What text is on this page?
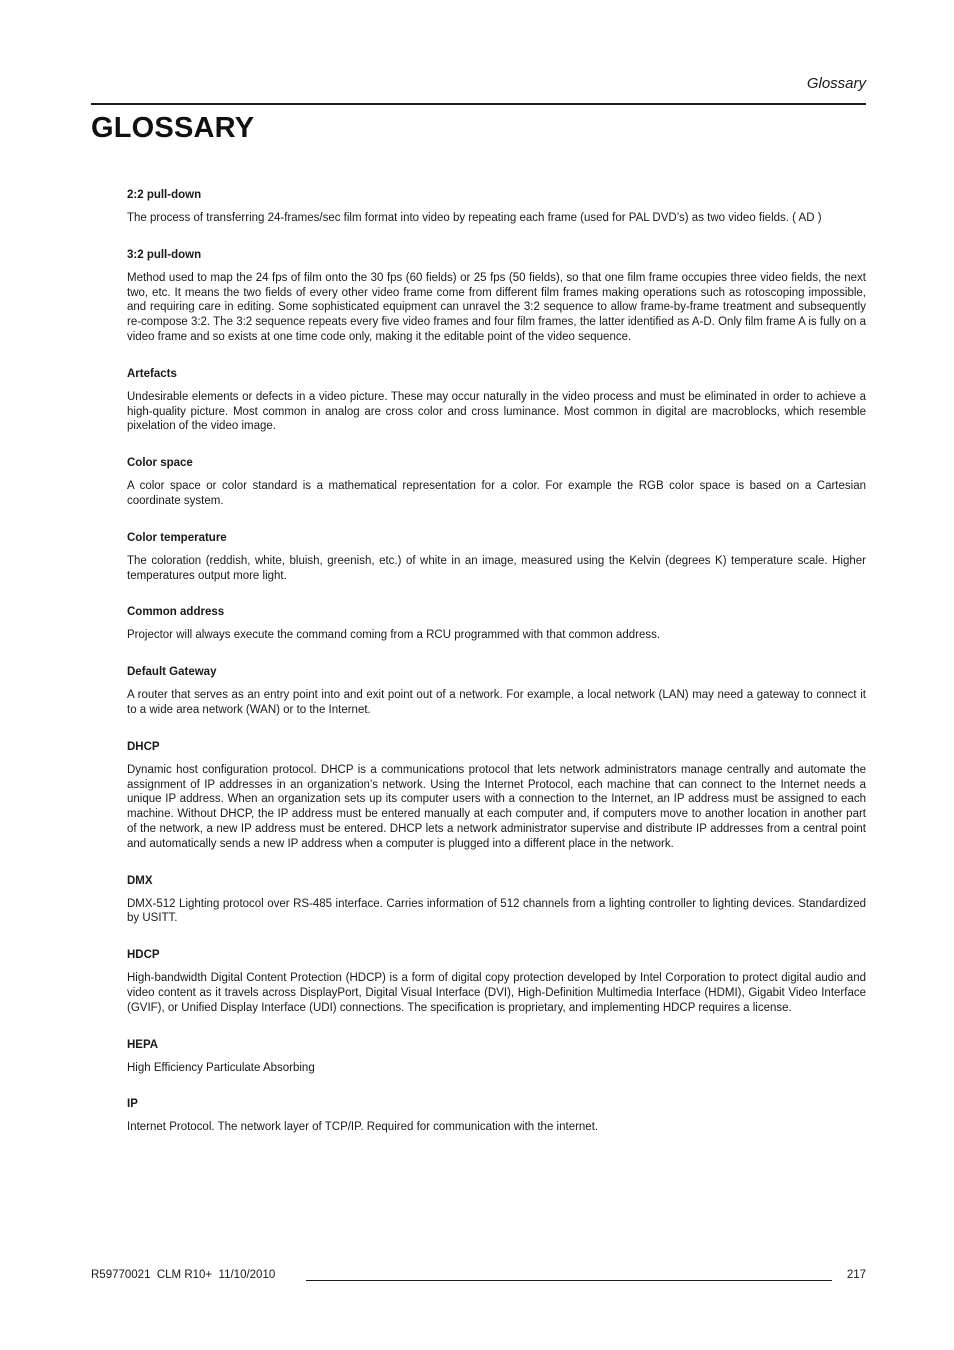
Glossary
GLOSSARY
2:2 pull-down

The process of transferring 24-frames/sec film format into video by repeating each frame (used for PAL DVD’s) as two video fields. ( AD )

3:2 pull-down

Method used to map the 24 fps of film onto the 30 fps (60 fields) or 25 fps (50 fields), so that one film frame occupies three video fields, the next two, etc. It means the two fields of every other video frame come from different film frames making operations such as rotoscoping impossible, and requiring care in editing. Some sophisticated equipment can unravel the 3:2 sequence to allow frame-by-frame treatment and subsequently re-compose 3:2. The 3:2 sequence repeats every five video frames and four film frames, the latter identified as A-D. Only film frame A is fully on a video frame and so exists at one time code only, making it the editable point of the video sequence.

Artefacts

Undesirable elements or defects in a video picture. These may occur naturally in the video process and must be eliminated in order to achieve a high-quality picture. Most common in analog are cross color and cross luminance. Most common in digital are macroblocks, which resemble pixelation of the video image.

Color space

A color space or color standard is a mathematical representation for a color. For example the RGB color space is based on a Cartesian coordinate system.

Color temperature

The coloration (reddish, white, bluish, greenish, etc.) of white in an image, measured using the Kelvin (degrees K) temperature scale. Higher temperatures output more light.

Common address

Projector will always execute the command coming from a RCU programmed with that common address.

Default Gateway

A router that serves as an entry point into and exit point out of a network. For example, a local network (LAN) may need a gateway to connect it to a wide area network (WAN) or to the Internet.

DHCP

Dynamic host configuration protocol. DHCP is a communications protocol that lets network administrators manage centrally and automate the assignment of IP addresses in an organization’s network. Using the Internet Protocol, each machine that can connect to the Internet needs a unique IP address. When an organization sets up its computer users with a connection to the Internet, an IP address must be assigned to each machine. Without DHCP, the IP address must be entered manually at each computer and, if computers move to another location in another part of the network, a new IP address must be entered. DHCP lets a network administrator supervise and distribute IP addresses from a central point and automatically sends a new IP address when a computer is plugged into a different place in the network.

DMX

DMX-512 Lighting protocol over RS-485 interface. Carries information of 512 channels from a lighting controller to lighting devices. Standardized by USITT.

HDCP

High-bandwidth Digital Content Protection (HDCP) is a form of digital copy protection developed by Intel Corporation to protect digital audio and video content as it travels across DisplayPort, Digital Visual Interface (DVI), High-Definition Multimedia Interface (HDMI), Gigabit Video Interface (GVIF), or Unified Display Interface (UDI) connections. The specification is proprietary, and implementing HDCP requires a license.

HEPA

High Efficiency Particulate Absorbing

IP

Internet Protocol. The network layer of TCP/IP. Required for communication with the internet.

R59770021  CLM R10+  11/10/2010	217
